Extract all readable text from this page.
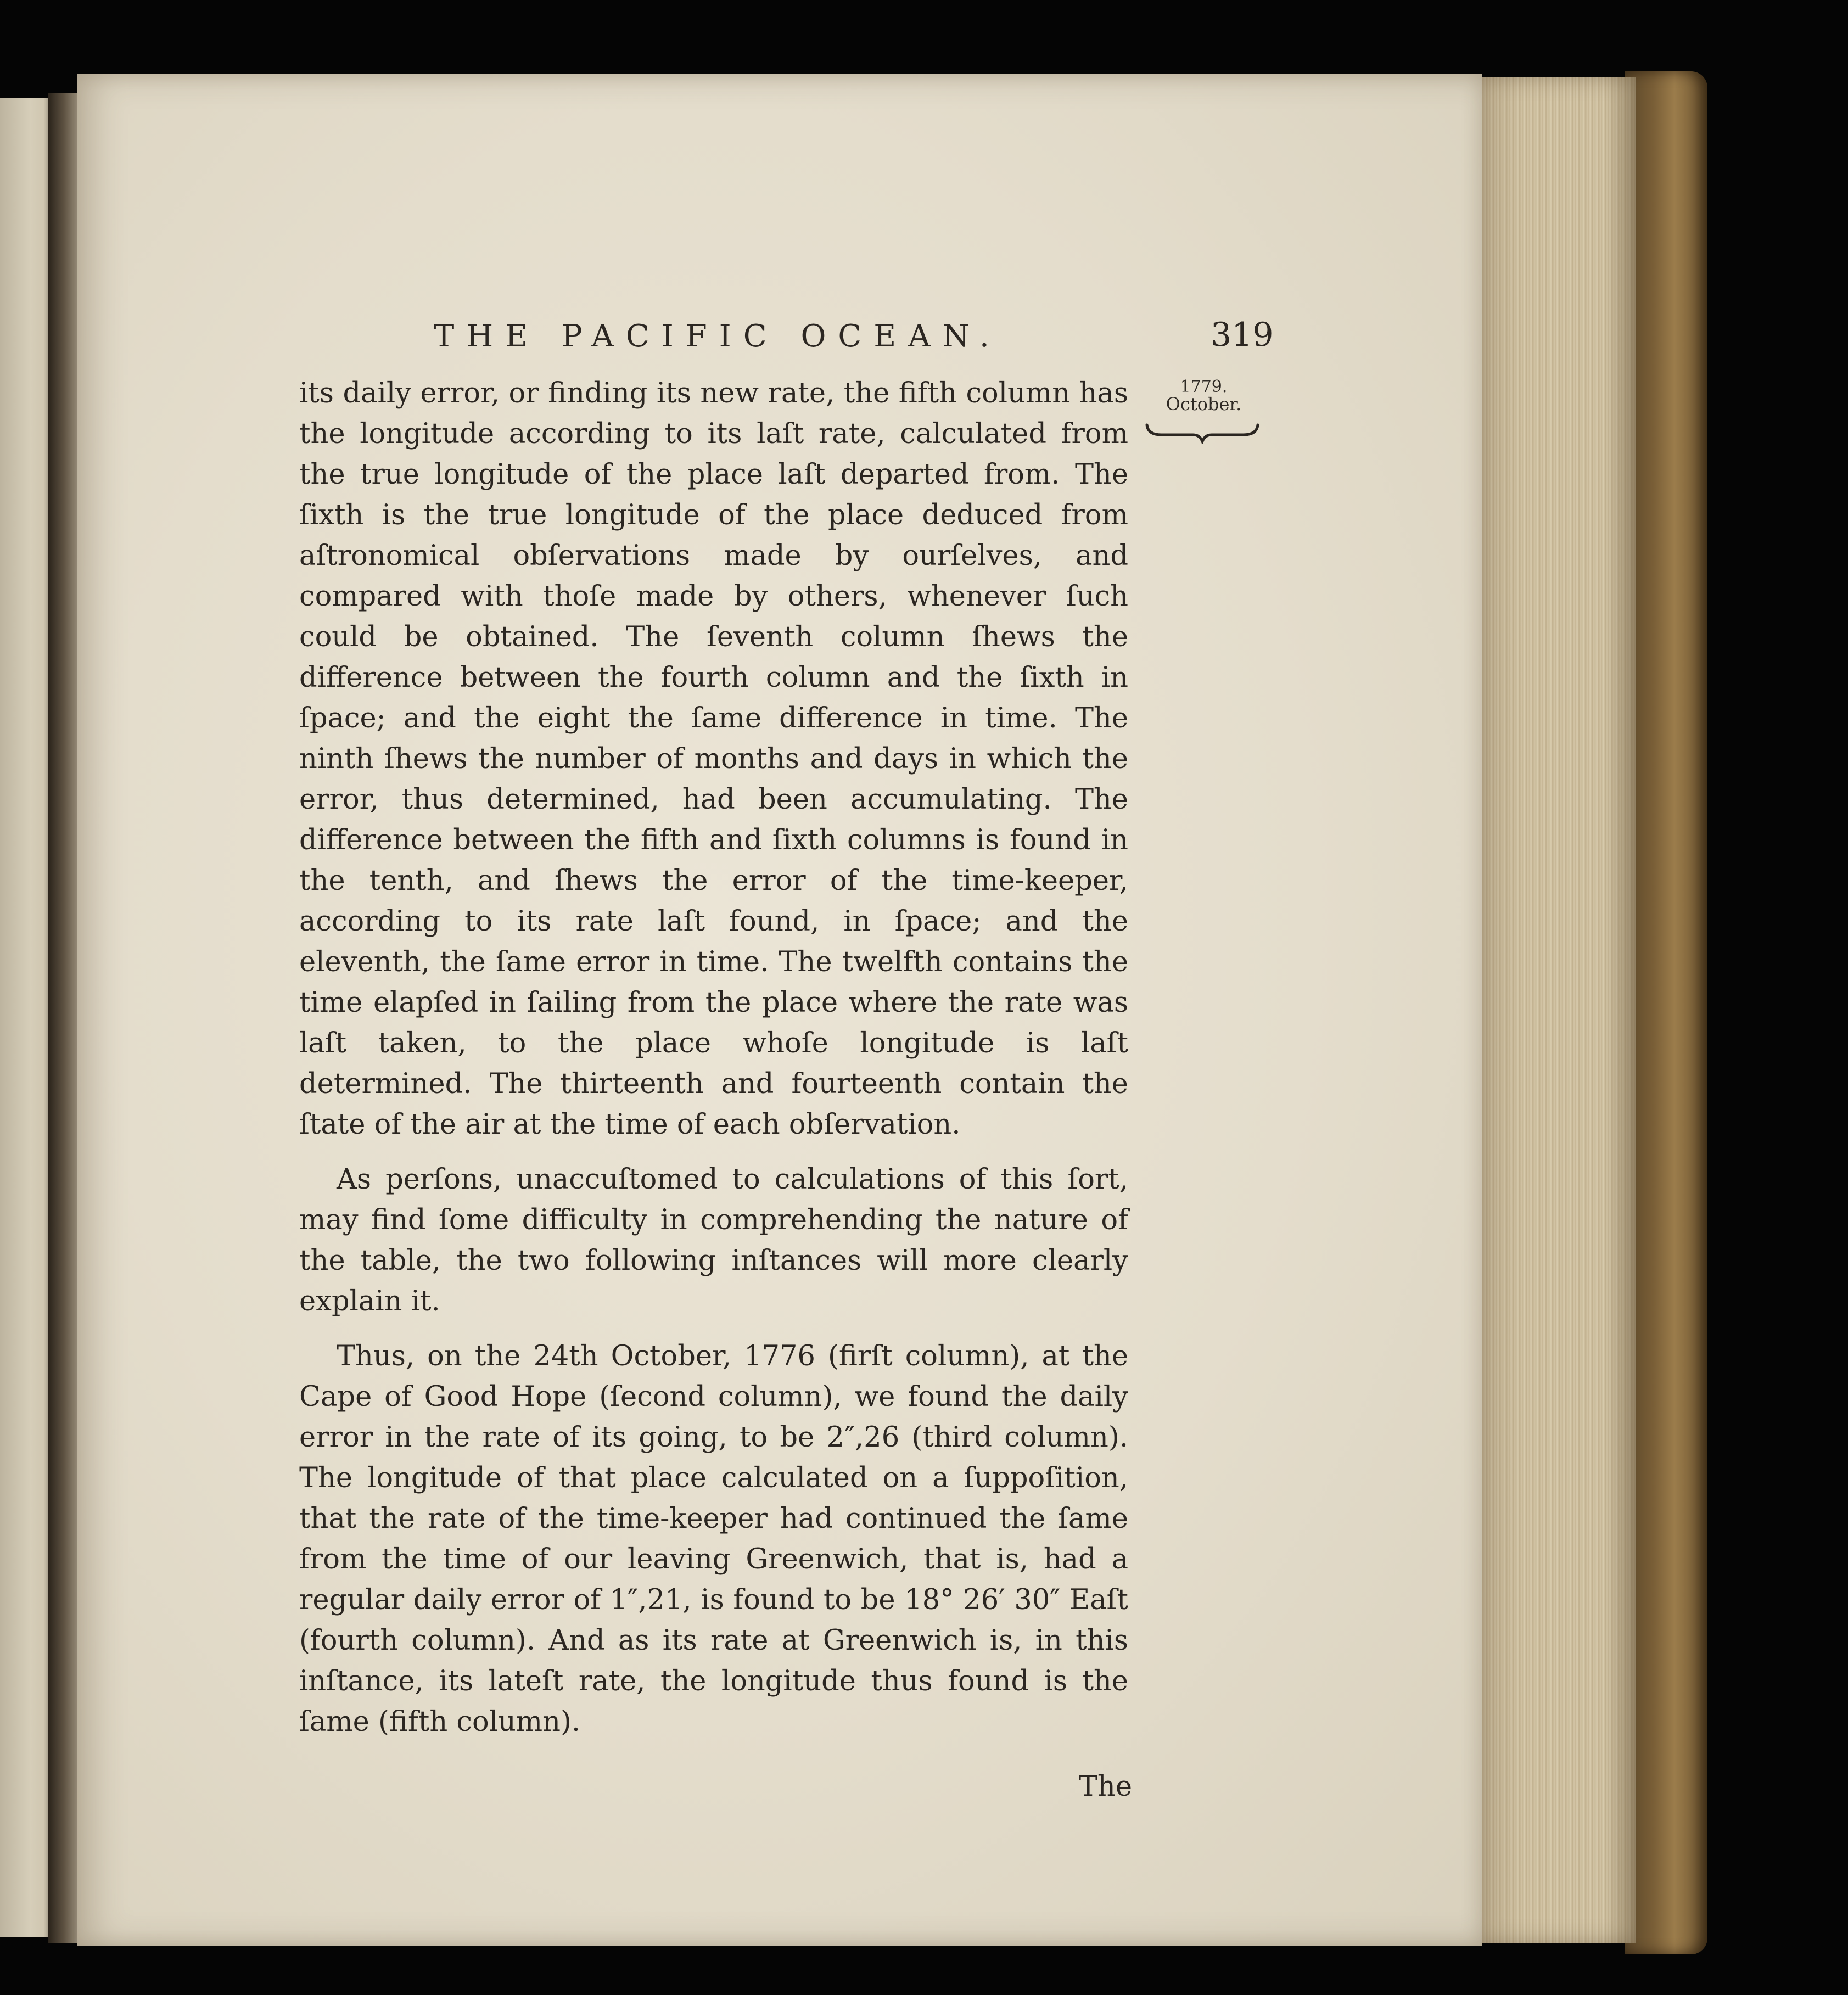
THE PACIFIC OCEAN.	319
1779.
October.

its daily error, or finding its new rate, the fifth column has the longitude according to its laſt rate, calculated from the true longitude of the place laſt departed from. The ſixth is the true longitude of the place deduced from aſtronomical obſervations made by ourſelves, and compared with thoſe made by others, whenever ſuch could be obtained. The ſeventh column ſhews the difference between the fourth column and the ſixth in ſpace; and the eight the ſame difference in time. The ninth ſhews the number of months and days in which the error, thus determined, had been accumulating. The difference between the fifth and ſixth columns is found in the tenth, and ſhews the error of the time-keeper, according to its rate laſt found, in ſpace; and the eleventh, the ſame error in time. The twelfth contains the time elapſed in ſailing from the place where the rate was laſt taken, to the place whoſe longitude is laſt determined. The thirteenth and fourteenth contain the ſtate of the air at the time of each obſervation.

As perſons, unaccuſtomed to calculations of this ſort, may find ſome difficulty in comprehending the nature of the table, the two following inſtances will more clearly explain it.

Thus, on the 24th October, 1776 (firſt column), at the Cape of Good Hope (ſecond column), we found the daily error in the rate of its going, to be 2″,26 (third column). The longitude of that place calculated on a ſuppoſition, that the rate of the time-keeper had continued the ſame from the time of our leaving Greenwich, that is, had a regular daily error of 1″,21, is found to be 18° 26′ 30″ Eaſt (fourth column). And as its rate at Greenwich is, in this inſtance, its lateſt rate, the longitude thus found is the ſame (fifth column).

The
